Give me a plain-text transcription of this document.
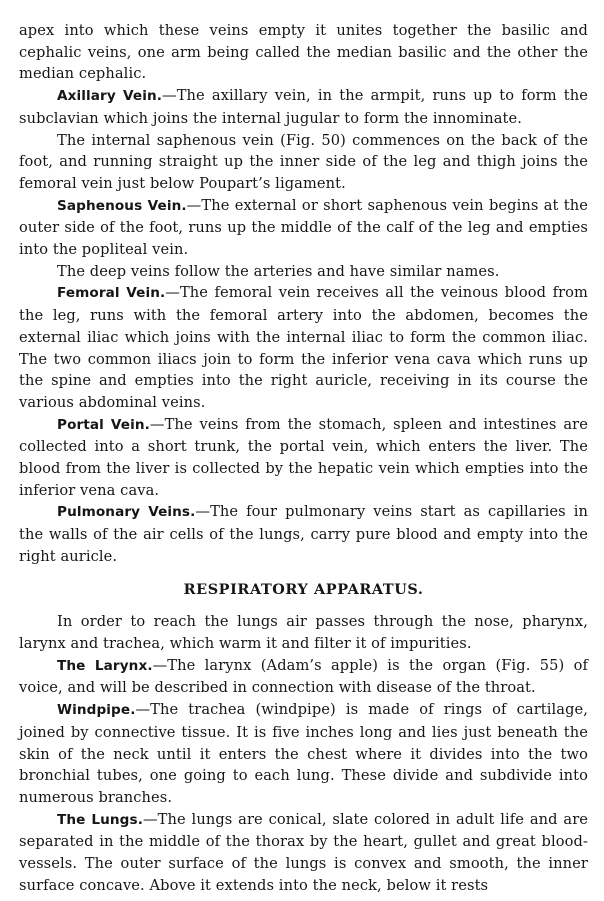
apex into which these veins empty it unites together the basilic and cephalic veins, one arm being called the median basilic and the other the median cephalic.

Axillary Vein.—The axillary vein, in the armpit, runs up to form the subclavian which joins the internal jugular to form the innominate.

The internal saphenous vein (Fig. 50) commences on the back of the foot, and running straight up the inner side of the leg and thigh joins the femoral vein just below Poupart’s ligament.

Saphenous Vein.—The external or short saphenous vein begins at the outer side of the foot, runs up the middle of the calf of the leg and empties into the popliteal vein.

The deep veins follow the arteries and have similar names.

Femoral Vein.—The femoral vein receives all the veinous blood from the leg, runs with the femoral artery into the abdomen, becomes the external iliac which joins with the internal iliac to form the common iliac. The two common iliacs join to form the inferior vena cava which runs up the spine and empties into the right auricle, receiving in its course the various abdominal veins.

Portal Vein.—The veins from the stomach, spleen and intestines are collected into a short trunk, the portal vein, which enters the liver. The blood from the liver is collected by the hepatic vein which empties into the inferior vena cava.

Pulmonary Veins.—The four pulmonary veins start as capillaries in the walls of the air cells of the lungs, carry pure blood and empty into the right auricle.

RESPIRATORY APPARATUS.

In order to reach the lungs air passes through the nose, pharynx, larynx and trachea, which warm it and filter it of impurities.

The Larynx.—The larynx (Adam’s apple) is the organ (Fig. 55) of voice, and will be described in connection with disease of the throat.

Windpipe.—The trachea (windpipe) is made of rings of cartilage, joined by connective tissue. It is five inches long and lies just beneath the skin of the neck until it enters the chest where it divides into the two bronchial tubes, one going to each lung. These divide and subdivide into numerous branches.

The Lungs.—The lungs are conical, slate colored in adult life and are separated in the middle of the thorax by the heart, gullet and great blood-vessels. The outer surface of the lungs is convex and smooth, the inner surface concave. Above it extends into the neck, below it rests
